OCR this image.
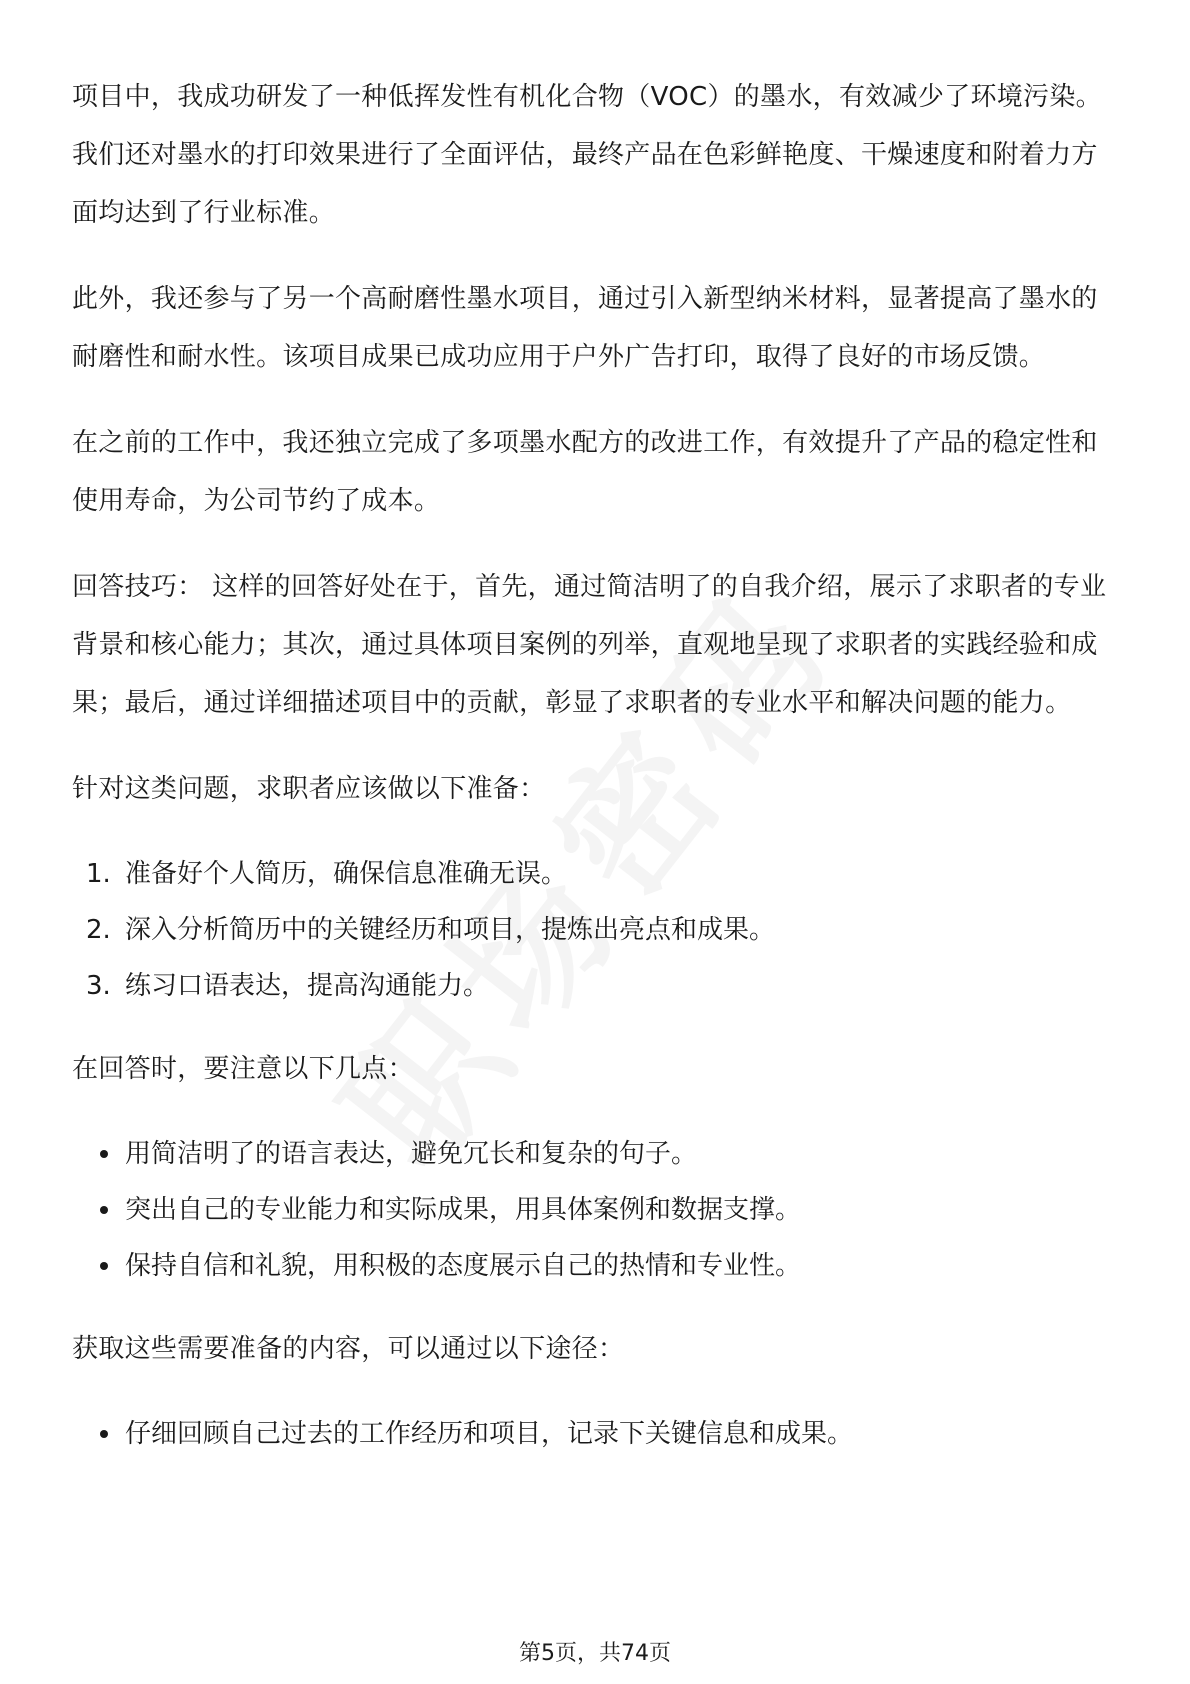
项目中，我成功研发了一种低挥发性有机化合物（VOC）的墨水，有效减少了环境污染。我们还对墨水的打印效果进行了全面评估，最终产品在色彩鲜艳度、干燥速度和附着力方面均达到了行业标准。

此外，我还参与了另一个高耐磨性墨水项目，通过引入新型纳米材料，显著提高了墨水的耐磨性和耐水性。该项目成果已成功应用于户外广告打印，取得了良好的市场反馈。

在之前的工作中，我还独立完成了多项墨水配方的改进工作，有效提升了产品的稳定性和使用寿命，为公司节约了成本。

回答技巧： 这样的回答好处在于，首先，通过简洁明了的自我介绍，展示了求职者的专业背景和核心能力；其次，通过具体项目案例的列举，直观地呈现了求职者的实践经验和成果；最后，通过详细描述项目中的贡献，彰显了求职者的专业水平和解决问题的能力。

针对这类问题，求职者应该做以下准备：

1. 准备好个人简历，确保信息准确无误。
2. 深入分析简历中的关键经历和项目，提炼出亮点和成果。
3. 练习口语表达，提高沟通能力。

在回答时，要注意以下几点：

用简洁明了的语言表达，避免冗长和复杂的句子。
突出自己的专业能力和实际成果，用具体案例和数据支撑。
保持自信和礼貌，用积极的态度展示自己的热情和专业性。

获取这些需要准备的内容，可以通过以下途径：

仔细回顾自己过去的工作经历和项目，记录下关键信息和成果。
第5页，共74页
